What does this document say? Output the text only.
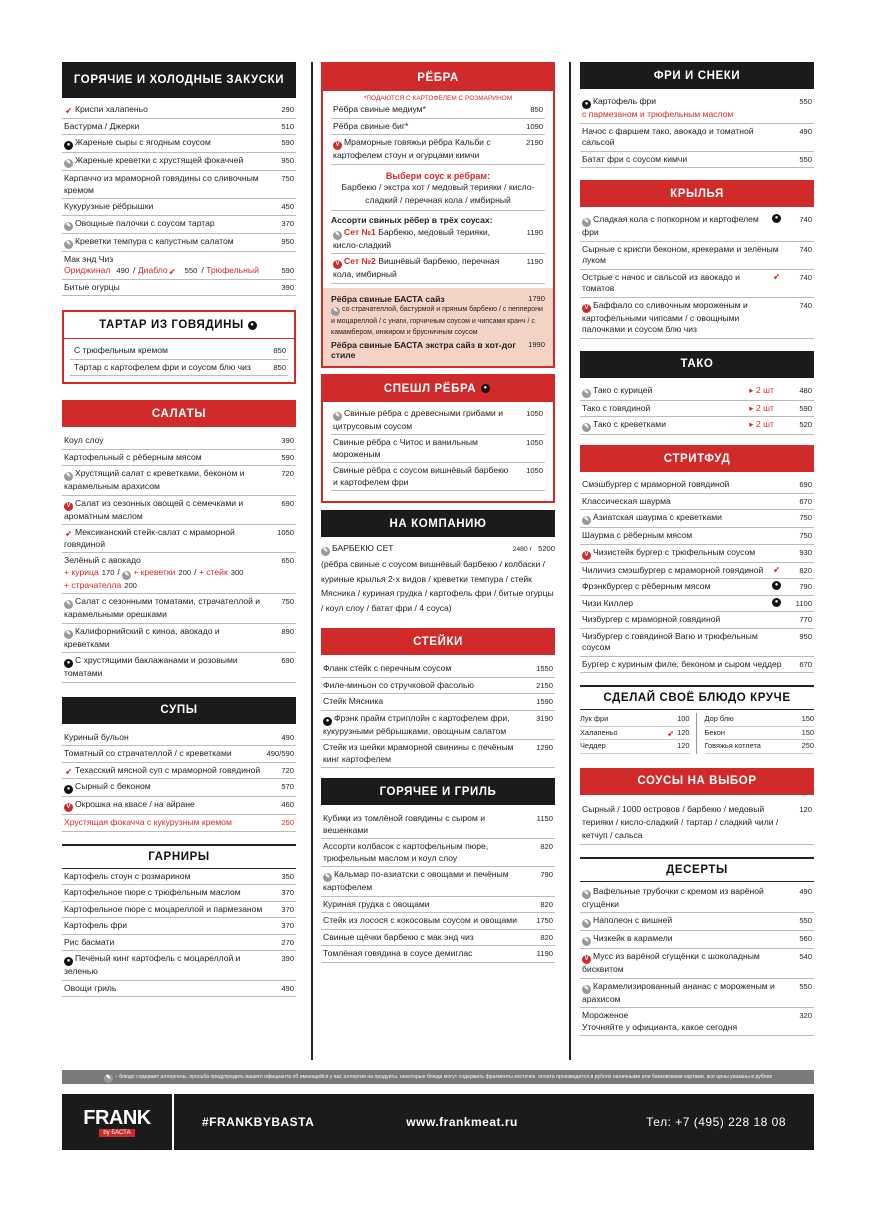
ГОРЯЧИЕ И ХОЛОДНЫЕ ЗАКУСКИ
➶ Криспи халапеньо	290
Бастурма / Джерки	510
● Жареные сыры с ягодным соусом	590
✎ Жареные креветки с хрустящей фокаччей	950
Карпаччо из мраморной говядины со сливочным кремом
750
Кукурузные рёбрышки	450
✎ Овощные палочки с соусом тартар	370
✎ Креветки темпура с капустным салатом	950
Мак энд Чиз
Ориджинал 490 / Диабло➶ 550 / Трюфельный	590
Битые огурцы	390
ТАРТАР ИЗ ГОВЯДИНЫ	●
С трюфельным кремом	850
Тартар с картофелем фри и соусом блю чиз	850
САЛАТЫ
Коул слоу	390
Картофельный с рёберным мясом	590
✎ Хрустящий салат с креветками, беконом и карамельным арахисом
720
V Салат из сезонных овощей с семечками и ароматным маслом
690
➶ Мексиканский стейк-салат с мраморной говядиной
1050
Зелёный с авокадо	650
+ курица 170 / ✎ + креветки 200 / + стейк 300
+ страчателла 200
✎ Салат с сезонными томатами, страчателлой и карамельными орешками
750
✎ Калифорнийский с киноа, авокадо и креветками
890
● С хрустящими баклажанами и розовыми томатами
690
СУПЫ
Куриный бульон	490
Томатный со страчателлой / с креветками	490/590
➶ Техасский мясной суп с мраморной говядиной	720
● Сырный с беконом	570
V Окрошка на квасе / на айране	460
Хрустящая фокачча с кукурузным кремом	250
ГАРНИРЫ
Картофель стоун с розмарином	350
Картофельное пюре с трюфельным маслом	370
Картофельное пюре с моцареллой и пармезаном	370
Картофель фри	370
Рис басмати	270
● Печёный кинг картофель с моцареллой и зеленью
390
Овощи гриль	490
РЁБРА
*ПОДАЮТСЯ С КАРТОФЕЛЕМ С РОЗМАРИНОМ
Рёбра свиные медиум*	850
Рёбра свиные биг*	1090
V Мраморные говяжьи рёбра Кальби с картофелем стоун и огурцами кимчи
2190
Выбери соус к рёбрам:
Барбекю / экстра хот / медовый терияки / кисло-сладкий / перечная кола / имбирный
Ассорти свиных рёбер в трёх соусах:
✎ Сет №1 Барбекю, медовый терияки, кисло-сладкий
1190
V Сет №2 Вишнёвый барбекю, перечная кола, имбирный
1190
Рёбра свиные БАСТА сайз	1790
✎ со страчателлой, бастурмой и пряным барбекю / с пепперони и моцареллой / с унаги, горчичным соусом и чипсами кранч / с камамбером, инжиром и брусничным соусом
Рёбра свиные БАСТА экстра сайз в хот-дог стиле
1990
СПЕШЛ РЁБРА	●
✎ Свиные рёбра с древесными грибами и цитрусовым соусом
1050
Свиные рёбра с Читос и ванильным мороженым
1050
Свиные рёбра с соусом вишнёвый барбекю и картофелем фри
1050
НА КОМПАНИЮ
✎ БАРБЕКЮ СЕТ	2480 г 5200
(рёбра свиные с соусом вишнёвый барбекю / колбаски / куриные крылья 2-х видов / креветки темпура / стейк Мясника / куриная грудка / картофель фри / битые огурцы / коул слоу / батат фри / 4 соуса)
СТЕЙКИ
Фланк стейк с перечным соусом	1550
Филе-миньон со стручковой фасолью	2150
Стейк Мясника	1590
● Фрэнк прайм стриплойн с картофелем фри, кукурузными рёбрышками, овощным салатом
3190
Стейк из шейки мраморной свинины с печёным кинг картофелем
1290
ГОРЯЧЕЕ И ГРИЛЬ
Кубики из томлёной говядины с сыром и вешенками
1150
Ассорти колбасок с картофельным пюре, трюфельным маслом и коул слоу
820
✎ Кальмар по-азиатски с овощами и печёным картофелем
790
Куриная грудка с овощами	820
Стейк из лосося с кокосовым соусом и овощами	1750
Свиные щёчки барбекю с мак энд чиз	820
Томлёная говядина в соусе демиглас	1190
ФРИ И СНЕКИ
● Картофель фри
с пармезаном и трюфельным маслом
550
Начос с фаршем тако, авокадо и томатной сальсой
490
Батат фри с соусом кимчи	550
КРЫЛЬЯ
✎ Сладкая кола с попкорном и картофелем фри
●	740
Сырные с криспи беконом, крекерами и зелёным луком
740
Острые с начос и сальсой из авокадо и томатов
➶	740
V Баффало со сливочным мороженым и картофельными чипсами / с овощными палочками и соусом блю чиз
740
ТАКО
✎ Тако с курицей	▸ 2 шт	480
Тако с говядиной	▸ 2 шт	590
✎ Тако с креветками	▸ 2 шт	520
СТРИТФУД
Смэшбургер с мраморной говядиной	690
Классическая шаурма	670
✎ Азиатская шаурма с креветками	750
Шаурма с рёберным мясом	750
V Чизистейк бургер с трюфельным соусом	930
Чиличиз смэшбургер с мраморной говядиной	➶	820
Фрэнкбургер с рёберным мясом	●	790
Чизи Киллер	●	1100
Чизбургер с мраморной говядиной	770
Чизбургер с говядиной Вагю и трюфельным соусом
950
Бургер с куриным филе, беконом и сыром чеддер	670
СДЕЛАЙ СВОЁ БЛЮДО КРУЧЕ
Лук фри	100
Халапеньо	➶ 120
Чеддер	120
Дор блю	150
Бекон	150
Говяжья котлета	250
СОУСЫ НА ВЫБОР
Сырный / 1000 островов / барбекю / медовый терияки / кисло-сладкий / тартар / сладкий чили / кетчуп / сальса
120
ДЕСЕРТЫ
✎ Вафельные трубочки с кремом из варёной сгущёнки
490
✎ Наполеон с вишней	550
✎ Чизкейк в карамели	560
V Мусс из варёной сгущёнки с шоколадным бисквитом
540
✎ Карамелизированный ананас с мороженым и арахисом
550
Мороженое	320
Уточняйте у официанта, какое сегодня
✎ – блюдо содержит аллергены. просьба предупредить вашего официанта об имеющейся у вас аллергии на продукты. некоторые блюда могут содержать фрагменты косточек. оплата производится в рублях наличными или банковскими картами. все цены указаны в рублях
FRANK
by БАСТА
#FRANKBYBASTA	www.frankmeat.ru	Тел: +7 (495) 228 18 08
